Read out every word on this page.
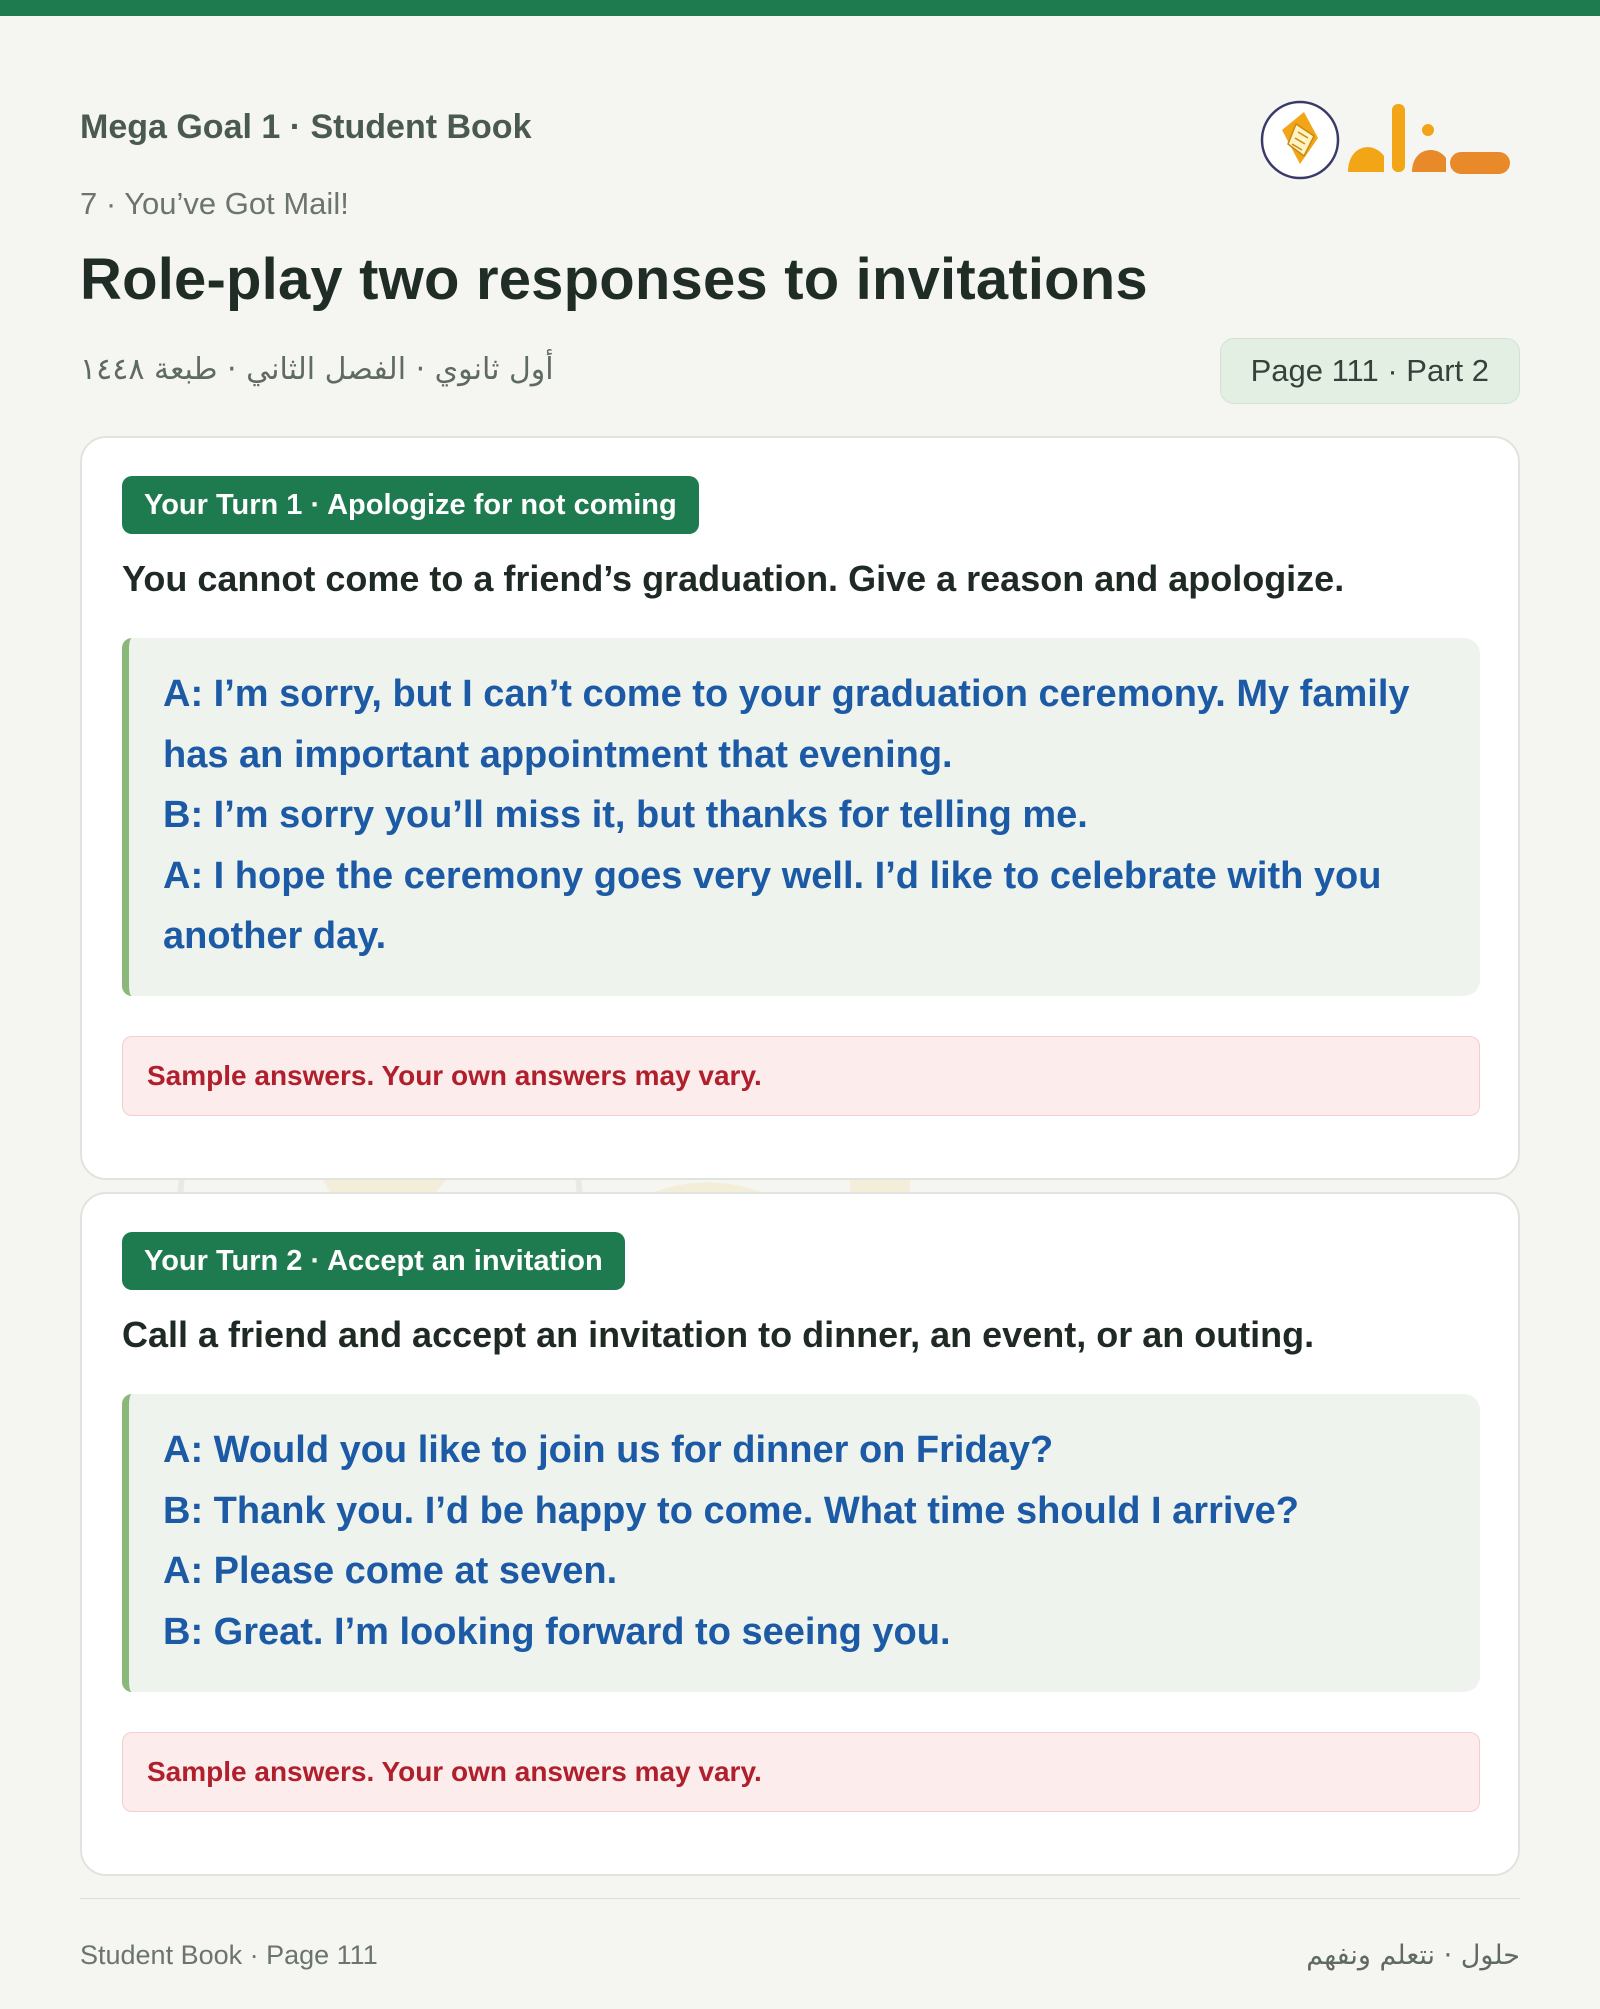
Mega Goal 1 · Student Book
7 · You’ve Got Mail!
Role-play two responses to invitations
أول ثانوي · الفصل الثاني · طبعة ١٤٤٨	Page 111 · Part 2
Your Turn 1 · Apologize for not coming
You cannot come to a friend’s graduation. Give a reason and apologize.
A: I’m sorry, but I can’t come to your graduation ceremony. My family
has an important appointment that evening.
B: I’m sorry you’ll miss it, but thanks for telling me.
A: I hope the ceremony goes very well. I’d like to celebrate with you
another day.
Sample answers. Your own answers may vary.
Your Turn 2 · Accept an invitation
Call a friend and accept an invitation to dinner, an event, or an outing.
A: Would you like to join us for dinner on Friday?
B: Thank you. I’d be happy to come. What time should I arrive?
A: Please come at seven.
B: Great. I’m looking forward to seeing you.
Sample answers. Your own answers may vary.
Student Book · Page 111	حلول · نتعلم ونفهم
